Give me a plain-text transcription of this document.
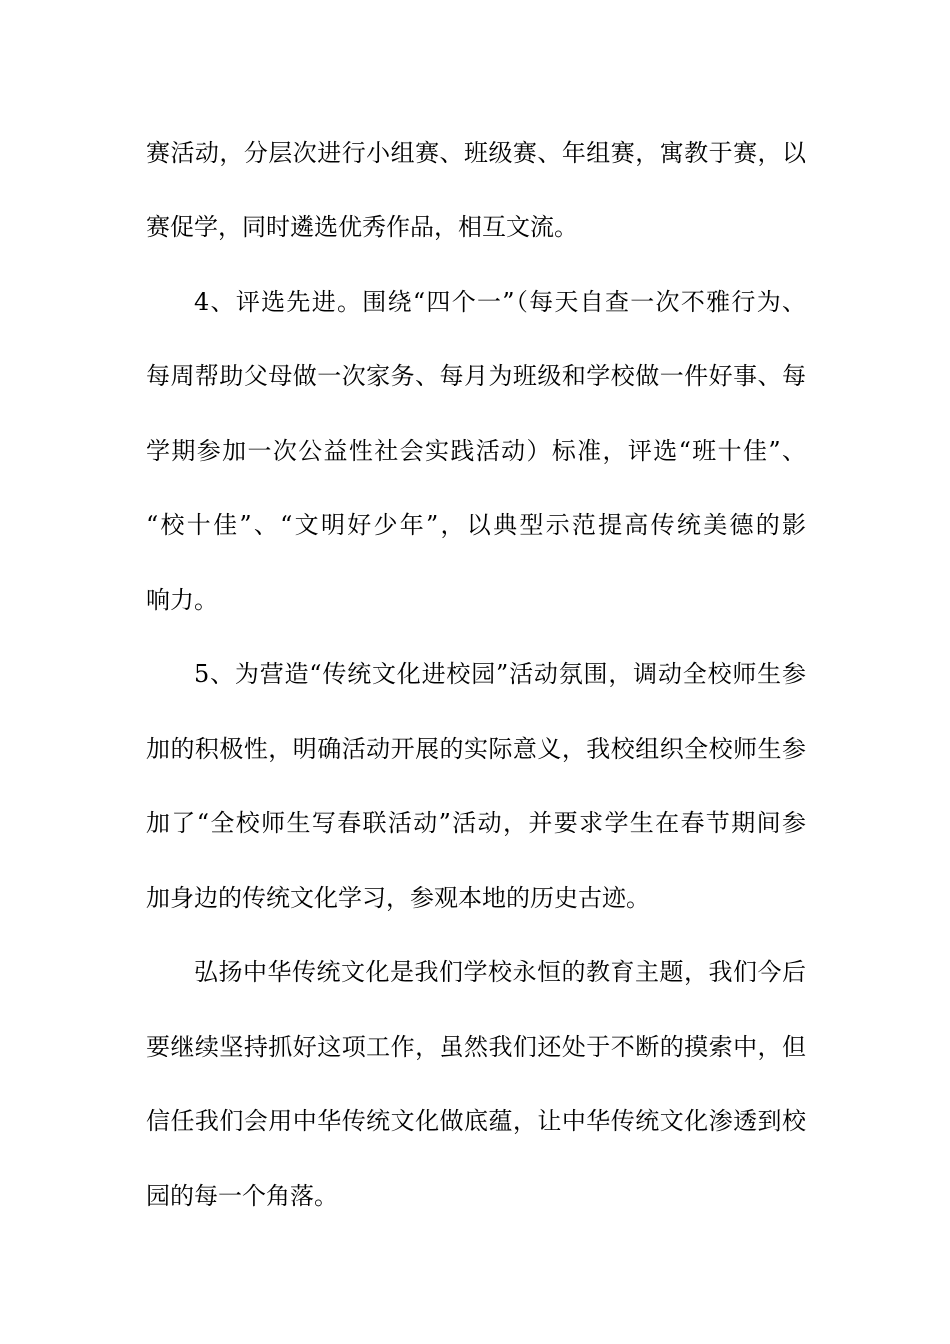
赛活动，分层次进行小组赛、班级赛、年组赛，寓教于赛，以
赛促学，同时遴选优秀作品，相互文流。
4、评选先进。围绕“四个一”（每天自查一次不雅行为、
每周帮助父母做一次家务、每月为班级和学校做一件好事、每
学期参加一次公益性社会实践活动）标准，评选“班十佳”、
“校十佳”、“文明好少年”，以典型示范提高传统美德的影
响力。
5、为营造“传统文化进校园”活动氛围，调动全校师生参
加的积极性，明确活动开展的实际意义，我校组织全校师生参
加了“全校师生写春联活动”活动，并要求学生在春节期间参
加身边的传统文化学习，参观本地的历史古迹。
弘扬中华传统文化是我们学校永恒的教育主题，我们今后
要继续坚持抓好这项工作，虽然我们还处于不断的摸索中，但
信任我们会用中华传统文化做底蕴，让中华传统文化渗透到校
园的每一个角落。
